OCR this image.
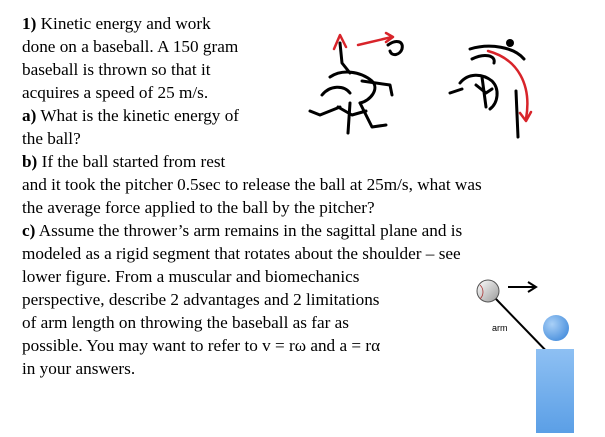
1) Kinetic energy and work
done on a baseball. A 150 gram
baseball is thrown so that it
acquires a speed of 25 m/s.
a) What is the kinetic energy of
the ball?
b) If the ball started from rest
and it took the pitcher 0.5sec to release the ball at 25m/s, what was
the average force applied to the ball by the pitcher?
c) Assume the thrower’s arm remains in the sagittal plane and is
modeled as a rigid segment that rotates about the shoulder – see
lower figure. From a muscular and biomechanics
perspective, describe 2 advantages and 2 limitations
of arm length on throwing the baseball as far as
possible. You may want to refer to v = rω and a = rα
in your answers.
arm
